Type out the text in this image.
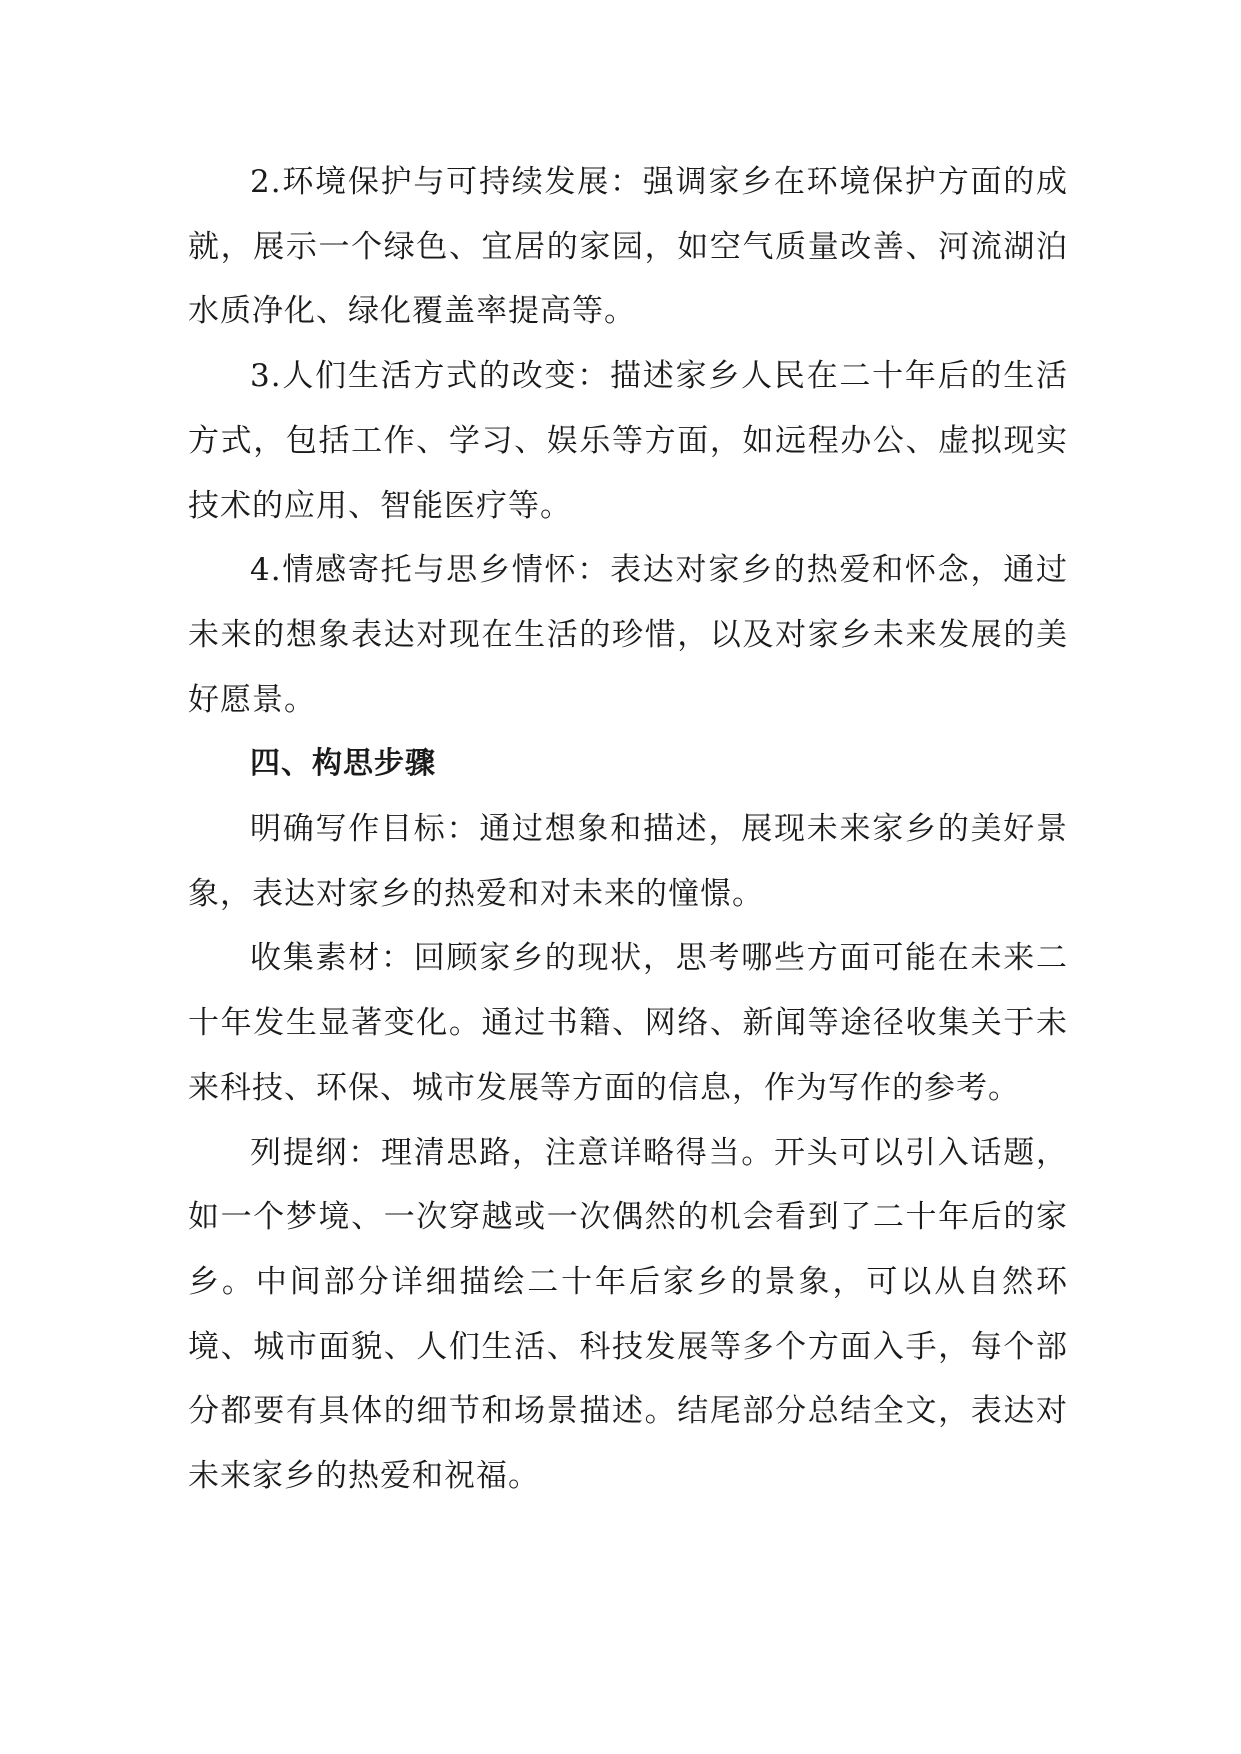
2.环境保护与可持续发展：强调家乡在环境保护方面的成就，展示一个绿色、宜居的家园，如空气质量改善、河流湖泊水质净化、绿化覆盖率提高等。

3.人们生活方式的改变：描述家乡人民在二十年后的生活方式，包括工作、学习、娱乐等方面，如远程办公、虚拟现实技术的应用、智能医疗等。

4.情感寄托与思乡情怀：表达对家乡的热爱和怀念，通过未来的想象表达对现在生活的珍惜，以及对家乡未来发展的美好愿景。

四、构思步骤

明确写作目标：通过想象和描述，展现未来家乡的美好景象，表达对家乡的热爱和对未来的憧憬。

收集素材：回顾家乡的现状，思考哪些方面可能在未来二十年发生显著变化。通过书籍、网络、新闻等途径收集关于未来科技、环保、城市发展等方面的信息，作为写作的参考。

列提纲：理清思路，注意详略得当。开头可以引入话题，如一个梦境、一次穿越或一次偶然的机会看到了二十年后的家乡。中间部分详细描绘二十年后家乡的景象，可以从自然环境、城市面貌、人们生活、科技发展等多个方面入手，每个部分都要有具体的细节和场景描述。结尾部分总结全文，表达对未来家乡的热爱和祝福。
